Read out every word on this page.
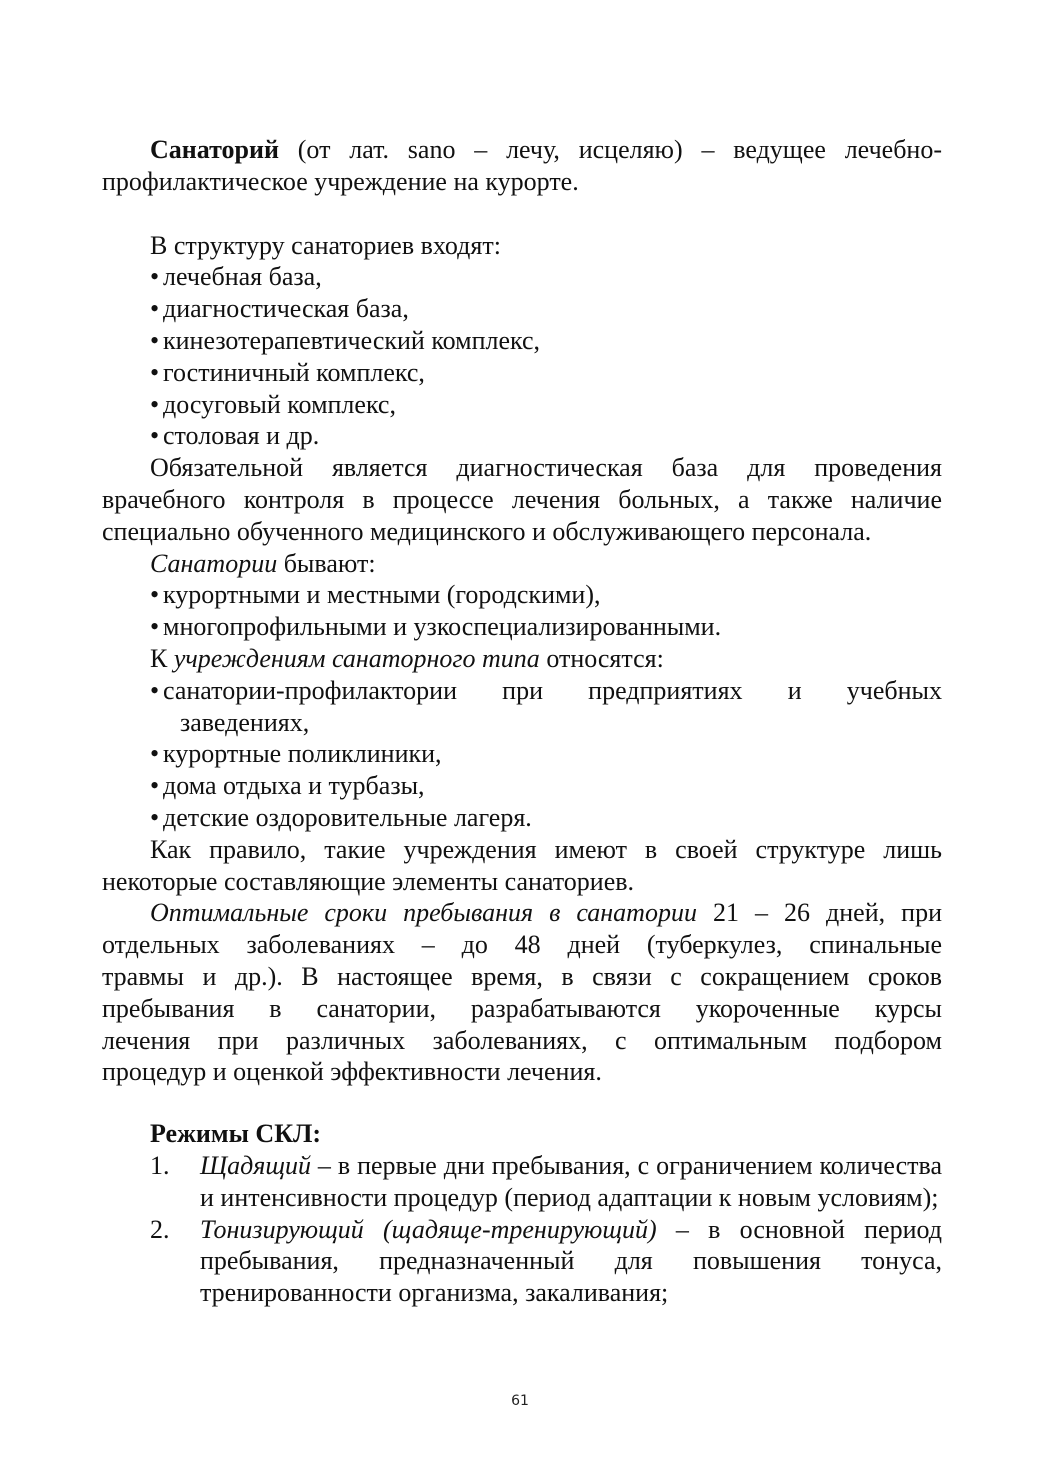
Санаторий (от лат. sano – лечу, исцеляю) – ведущее лечебно-

профилактическое учреждение на курорте.

В структуру санаториев входят:

• лечебная база,
• диагностическая база,
• кинезотерапевтический комплекс,
• гостиничный комплекс,
• досуговый комплекс,
• столовая и др.

Обязательной является диагностическая база для проведения

врачебного контроля в процессе лечения больных, а также наличие

специально обученного медицинского и обслуживающего персонала.

Санатории бывают:

• курортными и местными (городскими),
• многопрофильными и узкоспециализированными.

К учреждениям санаторного типа относятся:

• санатории-профилактории при предприятиях и учебных
заведениях,
• курортные поликлиники,
• дома отдыха и турбазы,
• детские оздоровительные лагеря.

Как правило, такие учреждения имеют в своей структуре лишь

некоторые составляющие элементы санаториев.

Оптимальные сроки пребывания в санатории 21 – 26 дней, при

отдельных заболеваниях – до 48 дней (туберкулез, спинальные

травмы и др.). В настоящее время, в связи с сокращением сроков

пребывания в санатории, разрабатываются укороченные курсы

лечения при различных заболеваниях, с оптимальным подбором

процедур и оценкой эффективности лечения.

Режимы СКЛ:

1. Щадящий – в первые дни пребывания, с ограничением количества и интенсивности процедур (период адаптации к новым условиям);
2. Тонизирующий (щадяще-тренирующий) – в основной период пребывания, предназначенный для повышения тонуса, тренированности организма, закаливания;
61
